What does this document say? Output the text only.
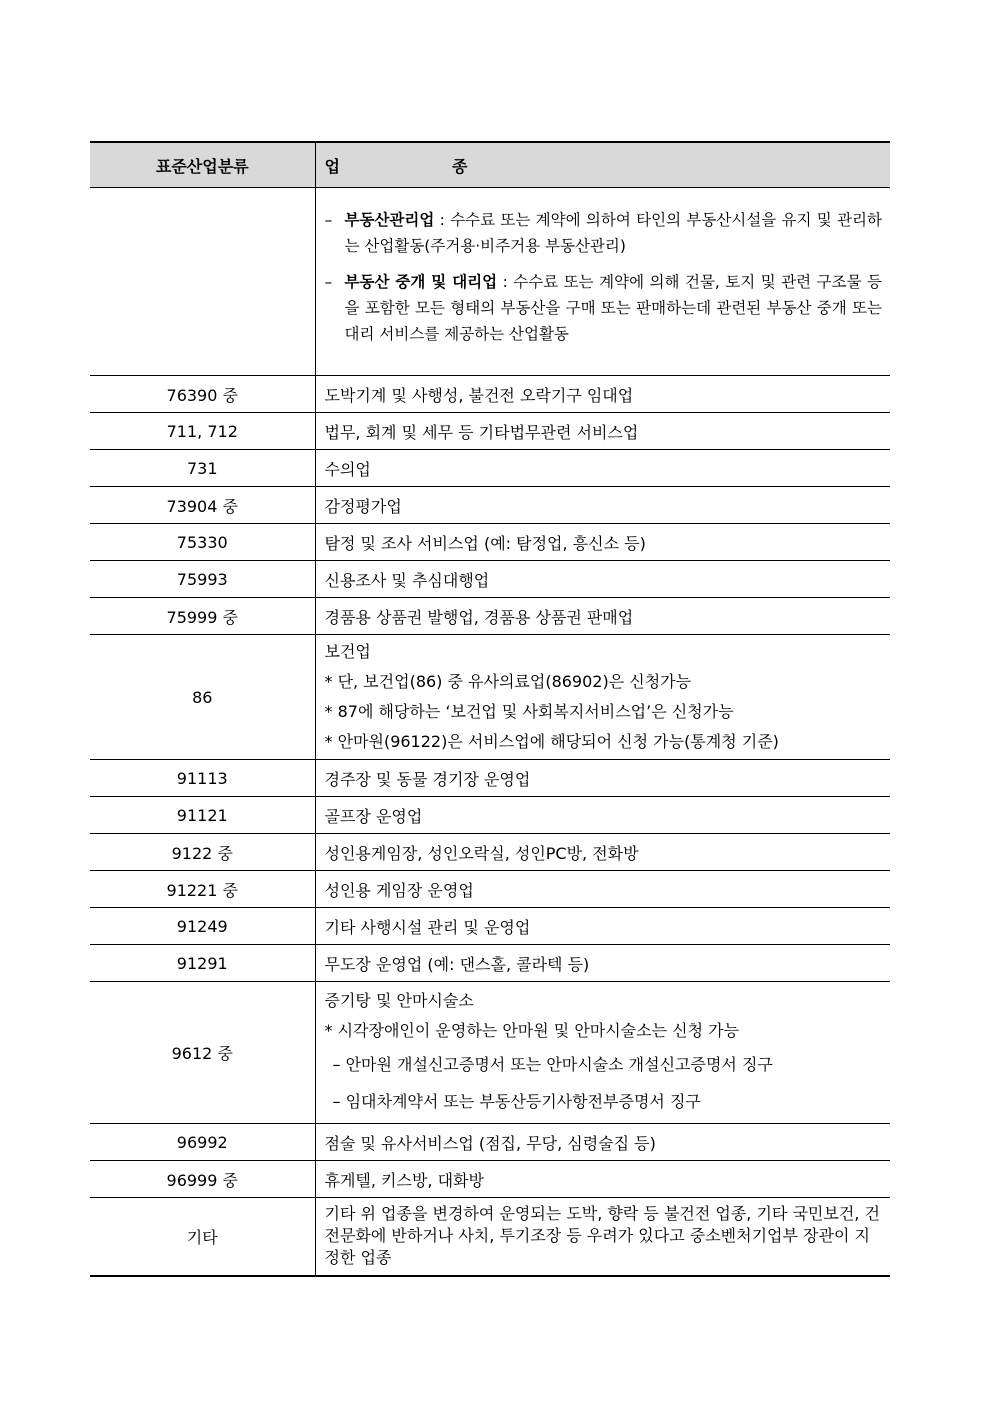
표준산업분류	업 종

	– 부동산관리업 : 수수료 또는 계약에 의하여 타인의 부동산시설을 유지 및 관리하는 산업활동(주거용·비주거용 부동산관리)
– 부동산 중개 및 대리업 : 수수료 또는 계약에 의해 건물, 토지 및 관련 구조물 등을 포함한 모든 형태의 부동산을 구매 또는 판매하는데 관련된 부동산 중개 또는 대리 서비스를 제공하는 산업활동

76390 중	도박기계 및 사행성, 불건전 오락기구 임대업
711, 712	법무, 회계 및 세무 등 기타법무관련 서비스업
731	수의업
73904 중	감정평가업
75330	탐정 및 조사 서비스업 (예: 탐정업, 흥신소 등)
75993	신용조사 및 추심대행업
75999 중	경품용 상품권 발행업, 경품용 상품권 판매업
86	보건업
* 단, 보건업(86) 중 유사의료업(86902)은 신청가능
* 87에 해당하는 ‘보건업 및 사회복지서비스업’은 신청가능
* 안마원(96122)은 서비스업에 해당되어 신청 가능(통계청 기준)

91113	경주장 및 동물 경기장 운영업
91121	골프장 운영업
9122 중	성인용게임장, 성인오락실, 성인PC방, 전화방
91221 중	성인용 게임장 운영업
91249	기타 사행시설 관리 및 운영업
91291	무도장 운영업 (예: 댄스홀, 콜라텍 등)
9612 중	증기탕 및 안마시술소
* 시각장애인이 운영하는 안마원 및 안마시술소는 신청 가능
– 안마원 개설신고증명서 또는 안마시술소 개설신고증명서 징구
– 임대차계약서 또는 부동산등기사항전부증명서 징구

96992	점술 및 유사서비스업 (점집, 무당, 심령술집 등)
96999 중	휴게텔, 키스방, 대화방
기타	기타 위 업종을 변경하여 운영되는 도박, 향락 등 불건전 업종, 기타 국민보건, 건전문화에 반하거나 사치, 투기조장 등 우려가 있다고 중소벤처기업부 장관이 지정한 업종
